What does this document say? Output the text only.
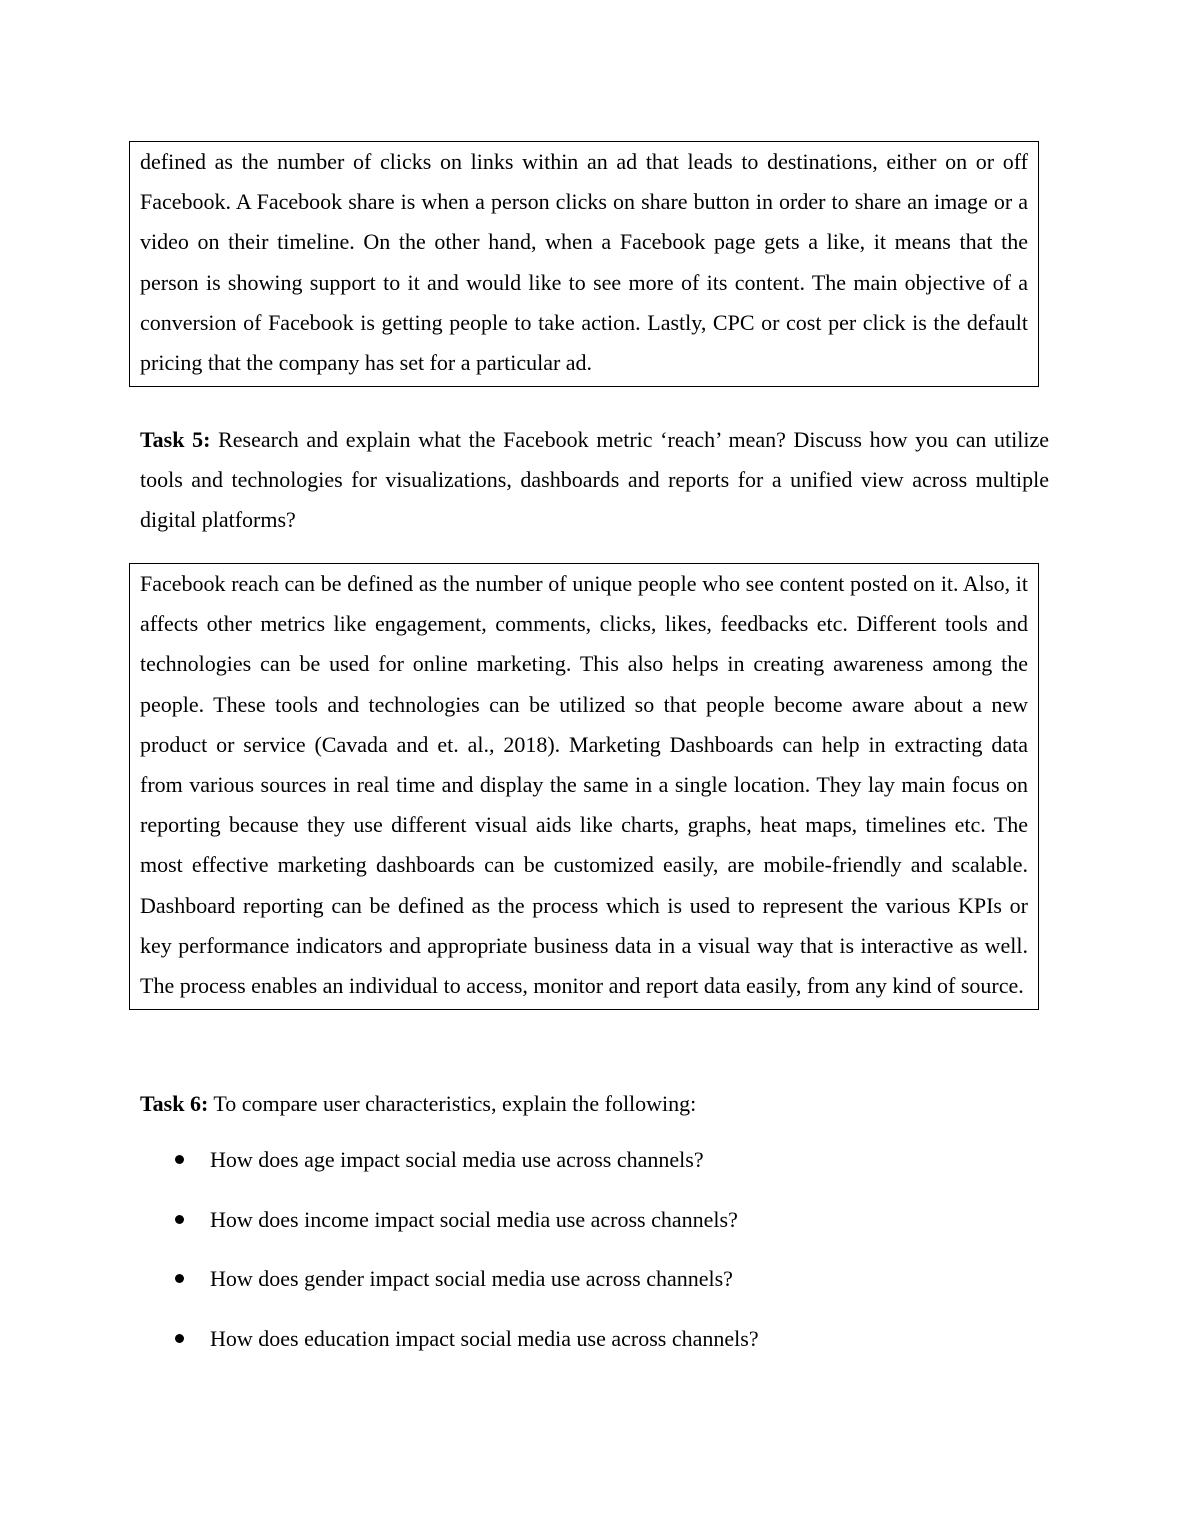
defined as the number of clicks on links within an ad that leads to destinations, either on or off Facebook. A Facebook share is when a person clicks on share button in order to share an image or a video on their timeline. On the other hand, when a Facebook page gets a like, it means that the person is showing support to it and would like to see more of its content. The main objective of a conversion of Facebook is getting people to take action. Lastly, CPC or cost per click is the default pricing that the company has set for a particular ad.

Task 5: Research and explain what the Facebook metric ‘reach’ mean? Discuss how you can utilize tools and technologies for visualizations, dashboards and reports for a unified view across multiple digital platforms?

Facebook reach can be defined as the number of unique people who see content posted on it. Also, it affects other metrics like engagement, comments, clicks, likes, feedbacks etc. Different tools and technologies can be used for online marketing. This also helps in creating awareness among the people. These tools and technologies can be utilized so that people become aware about a new product or service (Cavada and et. al., 2018). Marketing Dashboards can help in extracting data from various sources in real time and display the same in a single location. They lay main focus on reporting because they use different visual aids like charts, graphs, heat maps, timelines etc. The most effective marketing dashboards can be customized easily, are mobile-friendly and scalable. Dashboard reporting can be defined as the process which is used to represent the various KPIs or key performance indicators and appropriate business data in a visual way that is interactive as well. The process enables an individual to access, monitor and report data easily, from any kind of source.

Task 6: To compare user characteristics, explain the following:

How does age impact social media use across channels?
How does income impact social media use across channels?
How does gender impact social media use across channels?
How does education impact social media use across channels?
